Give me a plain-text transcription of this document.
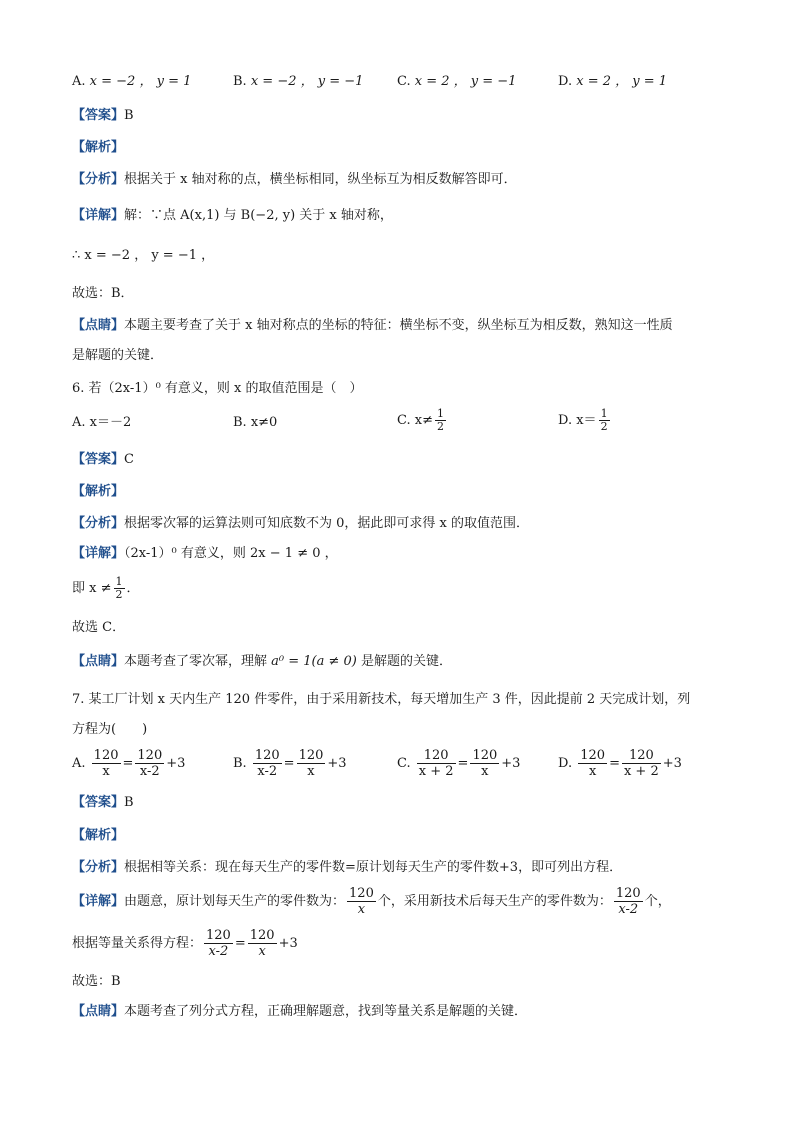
A. x = −2 ， y = 1	B. x = −2 ， y = −1	C. x = 2 ， y = −1	D. x = 2 ， y = 1
【答案】B
【解析】
【分析】根据关于 x 轴对称的点，横坐标相同，纵坐标互为相反数解答即可．
【详解】解：∵点 A(x,1) 与 B(−2, y) 关于 x 轴对称，
∴ x = −2 ， y = −1 ，
故选：B．
【点睛】本题主要考查了关于 x 轴对称点的坐标的特征：横坐标不变，纵坐标互为相反数，熟知这一性质
是解题的关键．
6. 若（2x-1）⁰ 有意义，则 x 的取值范围是（　）
A. x＝－2	B. x≠0	C. $x\ne \frac{1}{2}$	D. $x= \frac{1}{2}$
【答案】C
【解析】
【分析】根据零次幂的运算法则可知底数不为 0，据此即可求得 x 的取值范围．
【详解】（2x-1）⁰ 有意义，则 2x − 1 ≠ 0 ，
即 $x \ne \frac{1}{2}$ ．
故选 C．
【点睛】本题考查了零次幂，理解 a⁰ = 1(a ≠ 0) 是解题的关键．
7. 某工厂计划 x 天内生产 120 件零件，由于采用新技术，每天增加生产 3 件，因此提前 2 天完成计划，列
方程为(　　)
A. $\frac{120}{x} = \frac{120}{x-2} +3$	B. $\frac{120}{x-2} = \frac{120}{x} +3$	C. $\frac{120}{x + 2} = \frac{120}{x} +3$	D. $\frac{120}{x} = \frac{120}{x + 2} +3$
【答案】B
【解析】
【分析】根据相等关系：现在每天生产的零件数=原计划每天生产的零件数+3，即可列出方程．
【详解】由题意，原计划每天生产的零件数为： $\frac{120}{x}$ 个，采用新技术后每天生产的零件数为： $\frac{120}{x-2}$ 个，
根据等量关系得方程： $\frac{120}{x-2} = \frac{120}{x} +3$
故选：B
【点睛】本题考查了列分式方程，正确理解题意，找到等量关系是解题的关键．
